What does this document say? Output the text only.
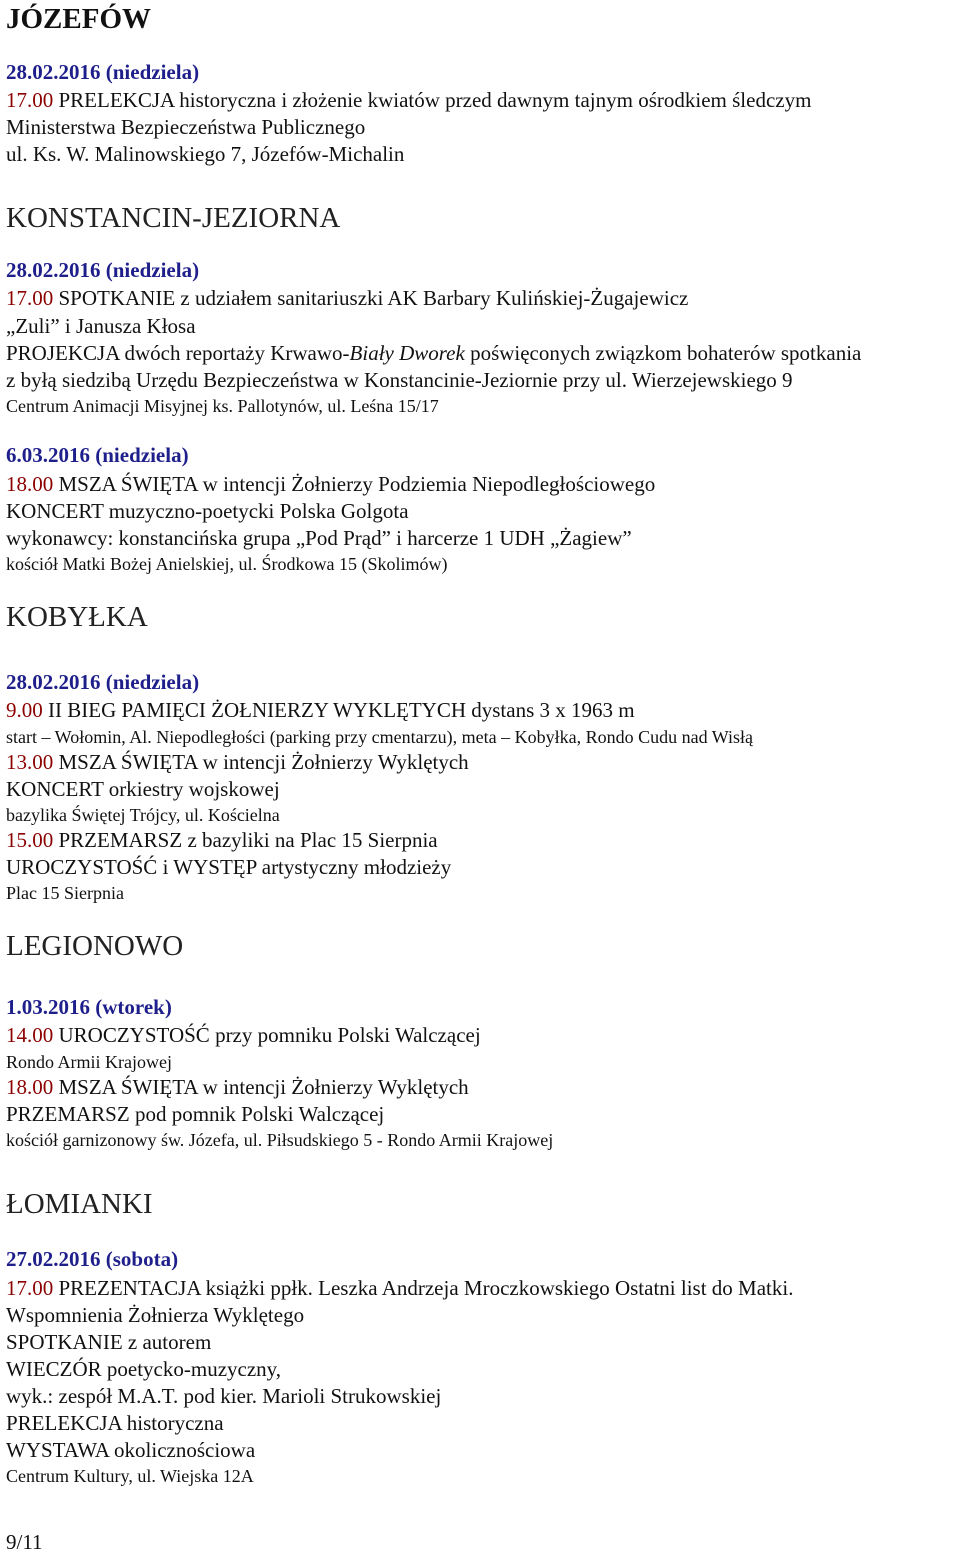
JÓZEFÓW
28.02.2016 (niedziela)
17.00 PRELEKCJA historyczna i złożenie kwiatów przed dawnym tajnym ośrodkiem śledczym
Ministerstwa Bezpieczeństwa Publicznego
ul. Ks. W. Malinowskiego 7, Józefów-Michalin
KONSTANCIN-JEZIORNA
28.02.2016 (niedziela)
17.00 SPOTKANIE z udziałem sanitariuszki AK Barbary Kulińskiej-Żugajewicz
„Zuli” i Janusza Kłosa
PROJEKCJA dwóch reportaży Krwawo-Biały Dworek poświęconych związkom bohaterów spotkania
z byłą siedzibą Urzędu Bezpieczeństwa w Konstancinie-Jeziornie przy ul. Wierzejewskiego 9
Centrum Animacji Misyjnej ks. Pallotynów, ul. Leśna 15/17
6.03.2016 (niedziela)
18.00 MSZA ŚWIĘTA w intencji Żołnierzy Podziemia Niepodległościowego
KONCERT muzyczno-poetycki Polska Golgota
wykonawcy: konstancińska grupa „Pod Prąd” i harcerze 1 UDH „Żagiew”
kościół Matki Bożej Anielskiej, ul. Środkowa 15 (Skolimów)
KOBYŁKA
28.02.2016 (niedziela)
9.00 II BIEG PAMIĘCI ŻOŁNIERZY WYKLĘTYCH dystans 3 x 1963 m
start – Wołomin, Al. Niepodległości (parking przy cmentarzu), meta – Kobyłka, Rondo Cudu nad Wisłą
13.00 MSZA ŚWIĘTA w intencji Żołnierzy Wyklętych
KONCERT orkiestry wojskowej
bazylika Świętej Trójcy, ul. Kościelna
15.00 PRZEMARSZ z bazyliki na Plac 15 Sierpnia
UROCZYSTOŚĆ i WYSTĘP artystyczny młodzieży
Plac 15 Sierpnia
LEGIONOWO
1.03.2016 (wtorek)
14.00 UROCZYSTOŚĆ przy pomniku Polski Walczącej
Rondo Armii Krajowej
18.00 MSZA ŚWIĘTA w intencji Żołnierzy Wyklętych
PRZEMARSZ pod pomnik Polski Walczącej
kościół garnizonowy św. Józefa, ul. Piłsudskiego 5 - Rondo Armii Krajowej
ŁOMIANKI
27.02.2016 (sobota)
17.00 PREZENTACJA książki ppłk. Leszka Andrzeja Mroczkowskiego Ostatni list do Matki.
Wspomnienia Żołnierza Wyklętego
SPOTKANIE z autorem
WIECZÓR poetycko-muzyczny,
wyk.: zespół M.A.T. pod kier. Marioli Strukowskiej
PRELEKCJA historyczna
WYSTAWA okolicznościowa
Centrum Kultury, ul. Wiejska 12A
9/11
